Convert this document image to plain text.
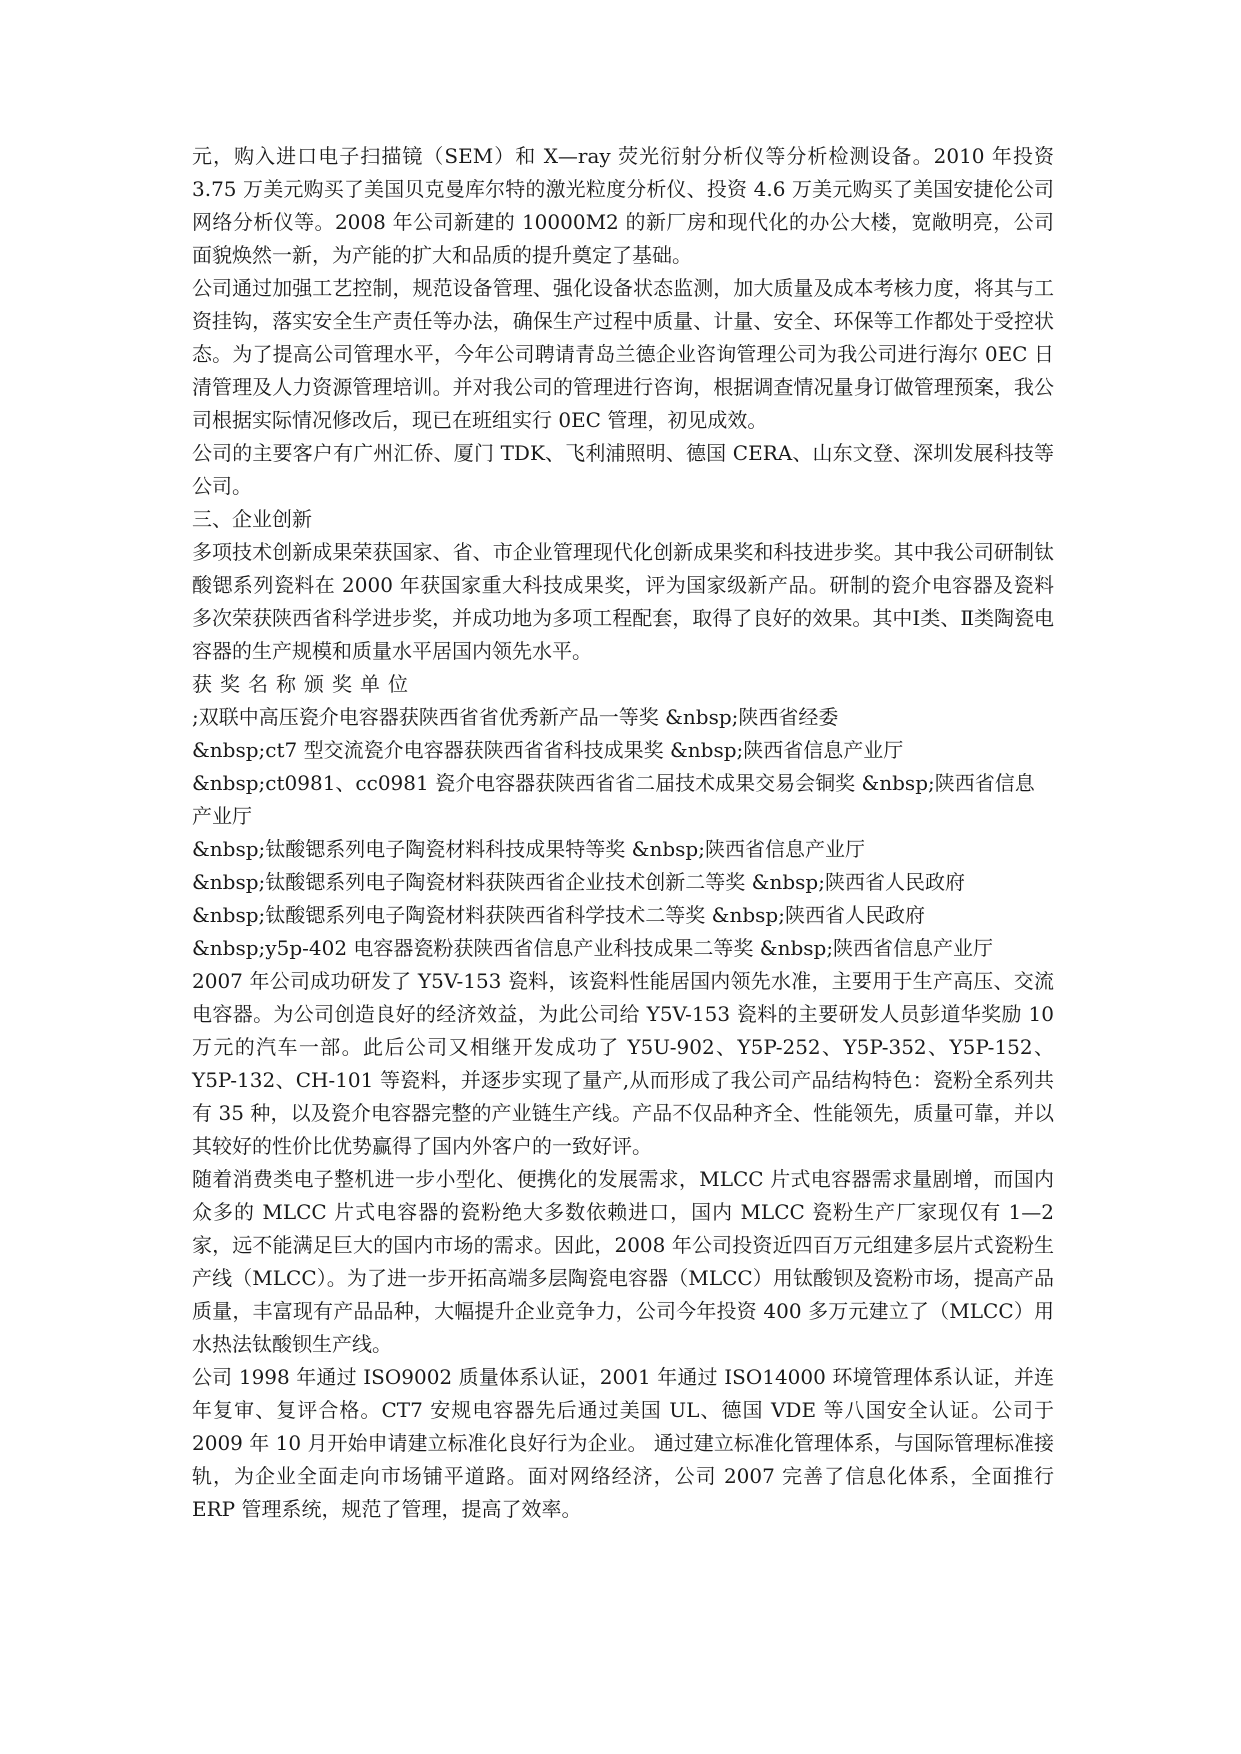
元，购入进口电子扫描镜（SEM）和 X—ray 荧光衍射分析仪等分析检测设备。2010 年投资 3.75 万美元购买了美国贝克曼库尔特的激光粒度分析仪、投资 4.6 万美元购买了美国安捷伦公司网络分析仪等。2008 年公司新建的 10000M2 的新厂房和现代化的办公大楼，宽敞明亮，公司面貌焕然一新，为产能的扩大和品质的提升奠定了基础。

公司通过加强工艺控制，规范设备管理、强化设备状态监测，加大质量及成本考核力度，将其与工资挂钩，落实安全生产责任等办法，确保生产过程中质量、计量、安全、环保等工作都处于受控状态。为了提高公司管理水平，今年公司聘请青岛兰德企业咨询管理公司为我公司进行海尔 0EC 日清管理及人力资源管理培训。并对我公司的管理进行咨询，根据调查情况量身订做管理预案，我公司根据实际情况修改后，现已在班组实行 0EC 管理，初见成效。

公司的主要客户有广州汇侨、厦门 TDK、飞利浦照明、德国 CERA、山东文登、深圳发展科技等公司。

三、企业创新

多项技术创新成果荣获国家、省、市企业管理现代化创新成果奖和科技进步奖。其中我公司研制钛酸锶系列瓷料在 2000 年获国家重大科技成果奖，评为国家级新产品。研制的瓷介电容器及瓷料多次荣获陕西省科学进步奖，并成功地为多项工程配套，取得了良好的效果。其中Ⅰ类、Ⅱ类陶瓷电容器的生产规模和质量水平居国内领先水平。

获奖名称颁奖单位

;双联中高压瓷介电容器获陕西省省优秀新产品一等奖 &nbsp;陕西省经委

&nbsp;ct7 型交流瓷介电容器获陕西省省科技成果奖 &nbsp;陕西省信息产业厅

&nbsp;ct0981、cc0981 瓷介电容器获陕西省省二届技术成果交易会铜奖 &nbsp;陕西省信息产业厅

&nbsp;钛酸锶系列电子陶瓷材料科技成果特等奖 &nbsp;陕西省信息产业厅

&nbsp;钛酸锶系列电子陶瓷材料获陕西省企业技术创新二等奖 &nbsp;陕西省人民政府

&nbsp;钛酸锶系列电子陶瓷材料获陕西省科学技术二等奖 &nbsp;陕西省人民政府

&nbsp;y5p-402 电容器瓷粉获陕西省信息产业科技成果二等奖 &nbsp;陕西省信息产业厅

2007 年公司成功研发了 Y5V-153 瓷料，该瓷料性能居国内领先水准，主要用于生产高压、交流电容器。为公司创造良好的经济效益，为此公司给 Y5V-153 瓷料的主要研发人员彭道华奖励 10 万元的汽车一部。此后公司又相继开发成功了 Y5U-902、Y5P-252、Y5P-352、Y5P-152、Y5P-132、CH-101 等瓷料，并逐步实现了量产,从而形成了我公司产品结构特色：瓷粉全系列共有 35 种，以及瓷介电容器完整的产业链生产线。产品不仅品种齐全、性能领先，质量可靠，并以其较好的性价比优势赢得了国内外客户的一致好评。

随着消费类电子整机进一步小型化、便携化的发展需求，MLCC 片式电容器需求量剧增，而国内众多的 MLCC 片式电容器的瓷粉绝大多数依赖进口，国内 MLCC 瓷粉生产厂家现仅有 1—2 家，远不能满足巨大的国内市场的需求。因此，2008 年公司投资近四百万元组建多层片式瓷粉生产线（MLCC）。为了进一步开拓高端多层陶瓷电容器（MLCC）用钛酸钡及瓷粉市场，提高产品质量，丰富现有产品品种，大幅提升企业竞争力，公司今年投资 400 多万元建立了（MLCC）用水热法钛酸钡生产线。

公司 1998 年通过 ISO9002 质量体系认证，2001 年通过 ISO14000 环境管理体系认证，并连年复审、复评合格。CT7 安规电容器先后通过美国 UL、德国 VDE 等八国安全认证。公司于 2009 年 10 月开始申请建立标准化良好行为企业。 通过建立标准化管理体系，与国际管理标准接轨，为企业全面走向市场铺平道路。面对网络经济，公司 2007 完善了信息化体系，全面推行 ERP 管理系统，规范了管理，提高了效率。
